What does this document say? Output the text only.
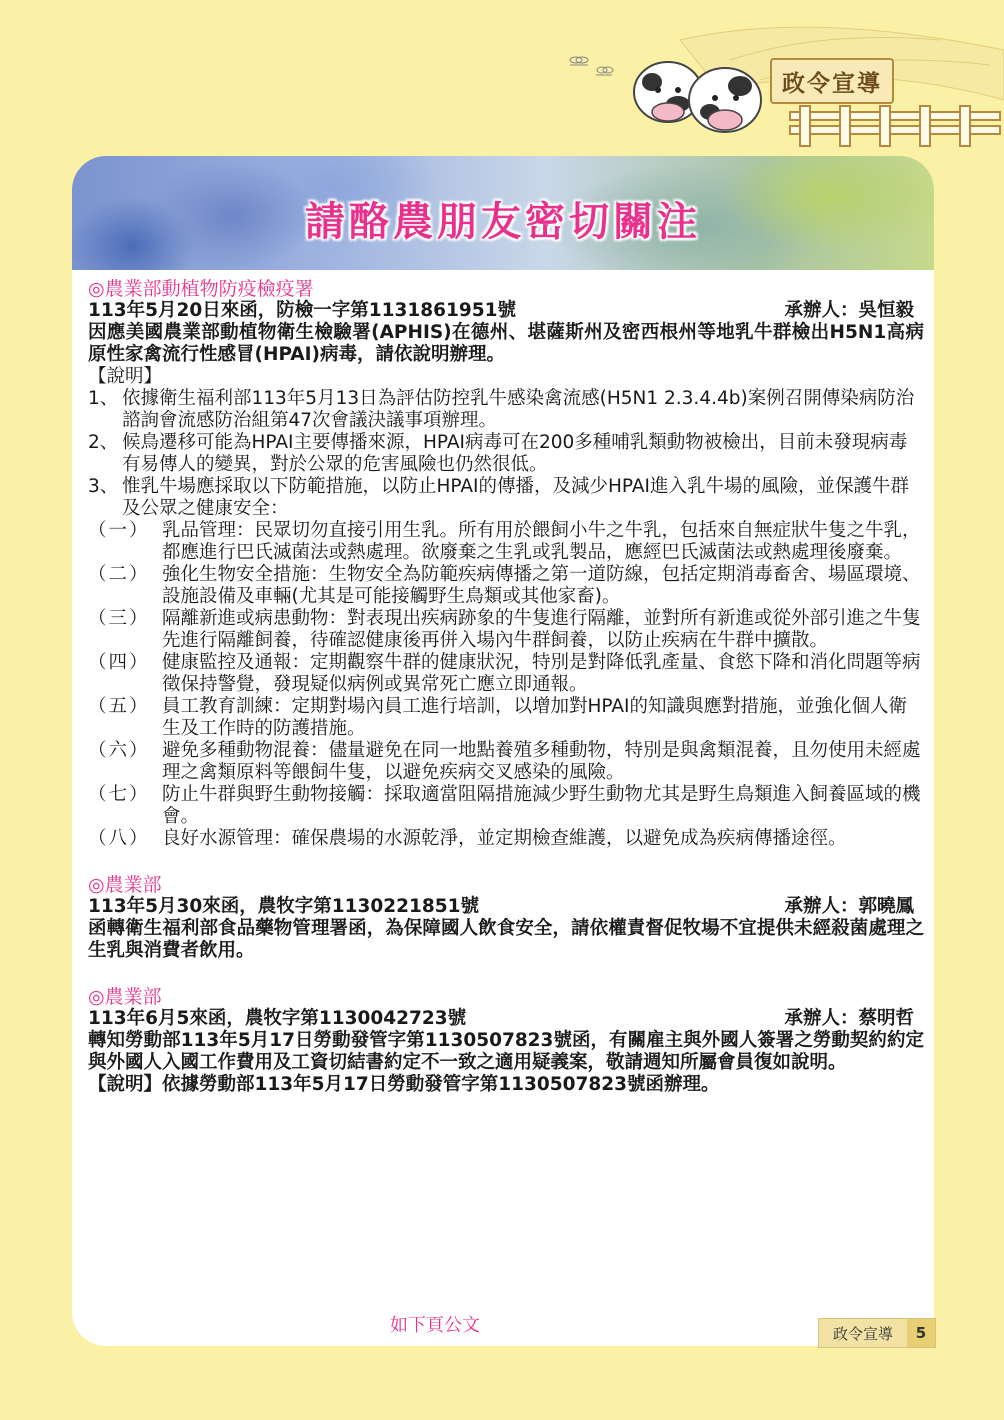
政令宣導
請酪農朋友密切關注
◎農業部動植物防疫檢疫署
113年5月20日來函，防檢一字第1131861951號	承辦人：吳恒毅
因應美國農業部動植物衛生檢驗署(APHIS)在德州、堪薩斯州及密西根州等地乳牛群檢出H5N1高病原性家禽流行性感冒(HPAI)病毒，請依說明辦理。
【說明】
1、 依據衛生福利部113年5月13日為評估防控乳牛感染禽流感(H5N1 2.3.4.4b)案例召開傳染病防治諮詢會流感防治組第47次會議決議事項辦理。
2、 候鳥遷移可能為HPAI主要傳播來源，HPAI病毒可在200多種哺乳類動物被檢出，目前未發現病毒有易傳人的變異，對於公眾的危害風險也仍然很低。
3、 惟乳牛場應採取以下防範措施，以防止HPAI的傳播，及減少HPAI進入乳牛場的風險，並保護牛群及公眾之健康安全：
（一） 乳品管理：民眾切勿直接引用生乳。所有用於餵飼小牛之牛乳，包括來自無症狀牛隻之牛乳，都應進行巴氏滅菌法或熱處理。欲廢棄之生乳或乳製品，應經巴氏滅菌法或熱處理後廢棄。
（二） 強化生物安全措施：生物安全為防範疾病傳播之第一道防線，包括定期消毒畜舍、場區環境、設施設備及車輛(尤其是可能接觸野生鳥類或其他家畜)。
（三） 隔離新進或病患動物：對表現出疾病跡象的牛隻進行隔離，並對所有新進或從外部引進之牛隻先進行隔離飼養，待確認健康後再併入場內牛群飼養，以防止疾病在牛群中擴散。
（四） 健康監控及通報：定期觀察牛群的健康狀況，特別是對降低乳產量、食慾下降和消化問題等病徵保持警覺，發現疑似病例或異常死亡應立即通報。
（五） 員工教育訓練：定期對場內員工進行培訓，以增加對HPAI的知識與應對措施，並強化個人衛生及工作時的防護措施。
（六） 避免多種動物混養：儘量避免在同一地點養殖多種動物，特別是與禽類混養，且勿使用未經處理之禽類原料等餵飼牛隻，以避免疾病交叉感染的風險。
（七） 防止牛群與野生動物接觸：採取適當阻隔措施減少野生動物尤其是野生鳥類進入飼養區域的機會。
（八） 良好水源管理：確保農場的水源乾淨，並定期檢查維護，以避免成為疾病傳播途徑。
◎農業部
113年5月30來函，農牧字第1130221851號	承辦人：郭曉鳳
函轉衛生福利部食品藥物管理署函，為保障國人飲食安全，請依權責督促牧場不宜提供未經殺菌處理之生乳與消費者飲用。
◎農業部
113年6月5來函，農牧字第1130042723號	承辦人：蔡明哲
轉知勞動部113年5月17日勞動發管字第1130507823號函，有關雇主與外國人簽署之勞動契約約定與外國人入國工作費用及工資切結書約定不一致之適用疑義案，敬請週知所屬會員復如說明。
【說明】依據勞動部113年5月17日勞動發管字第1130507823號函辦理。
如下頁公文	政令宣導	5
